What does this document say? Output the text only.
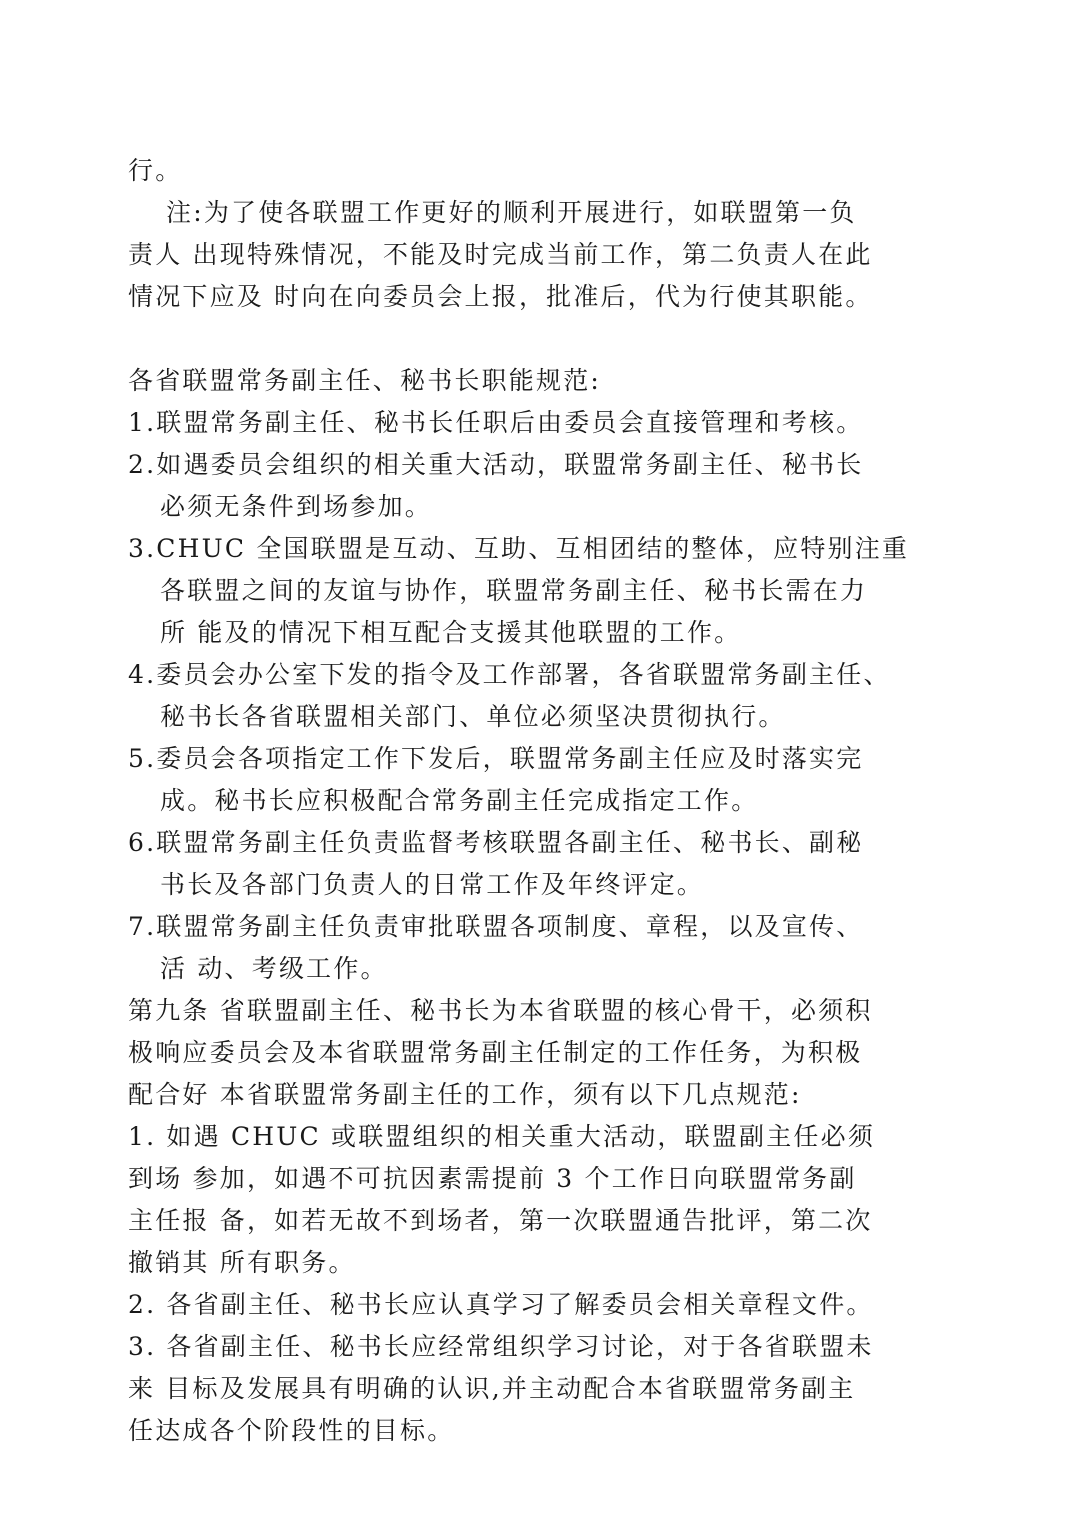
行。
注:为了使各联盟工作更好的顺利开展进行，如联盟第一负
责人 出现特殊情况，不能及时完成当前工作，第二负责人在此
情况下应及 时向在向委员会上报，批准后，代为行使其职能。
各省联盟常务副主任、秘书长职能规范:
1.联盟常务副主任、秘书长任职后由委员会直接管理和考核。
2.如遇委员会组织的相关重大活动，联盟常务副主任、秘书长
必须无条件到场参加。
3.CHUC 全国联盟是互动、互助、互相团结的整体，应特别注重
各联盟之间的友谊与协作，联盟常务副主任、秘书长需在力
所 能及的情况下相互配合支援其他联盟的工作。
4.委员会办公室下发的指令及工作部署，各省联盟常务副主任、
秘书长各省联盟相关部门、单位必须坚决贯彻执行。
5.委员会各项指定工作下发后，联盟常务副主任应及时落实完
成。秘书长应积极配合常务副主任完成指定工作。
6.联盟常务副主任负责监督考核联盟各副主任、秘书长、副秘
书长及各部门负责人的日常工作及年终评定。
7.联盟常务副主任负责审批联盟各项制度、章程，以及宣传、
活 动、考级工作。
第九条 省联盟副主任、秘书长为本省联盟的核心骨干，必须积
极响应委员会及本省联盟常务副主任制定的工作任务，为积极
配合好 本省联盟常务副主任的工作，须有以下几点规范:
1. 如遇 CHUC 或联盟组织的相关重大活动，联盟副主任必须
到场 参加，如遇不可抗因素需提前 3 个工作日向联盟常务副
主任报 备，如若无故不到场者，第一次联盟通告批评，第二次
撤销其 所有职务。
2. 各省副主任、秘书长应认真学习了解委员会相关章程文件。
3. 各省副主任、秘书长应经常组织学习讨论，对于各省联盟未
来 目标及发展具有明确的认识,并主动配合本省联盟常务副主
任达成各个阶段性的目标。
